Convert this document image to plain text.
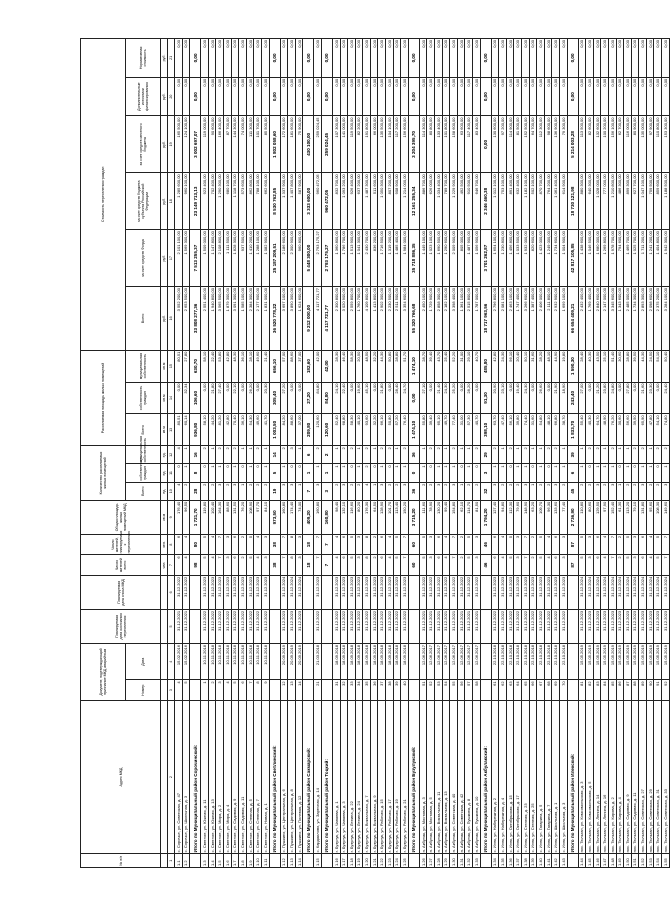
№ п/п	Адрес МКД	Документ, подтверждающий признание МКД аварийным		Планируемая дата окончания переселения	Планируемая дата сноса МКД	Число жителей всего	Число жителей, планируемых к переселению	Общая площадь жилых помещений МКД	Количество расселяемых жилых помещений			Расселяемая площадь жилых помещений			Стоимость переселения граждан					
		Номер	Дата						Всего	собственность граждан	муниципальная собственность	Всего	собственность граждан	муниципальная собственность	Всего	за счет средств Фонда	за счет средств бюджета субъекта Российской Федерации	за счет средств местного бюджета	Дополнительные источники финансирования	Нормативная стоимость
						чел.	чел.	кв.м	ед.	ед.	ед.	кв.м	кв.м	кв.м	руб.	руб.	руб.	руб.	руб.	руб.
1	2	3	4	5	6	7	8	9	10	11	12	13	14	15	16	17	18	19	20	21
1.1	с. Сорочье, ул. Советская, д. 47	4	15.02.2016	31.12.2021	31.12.2022	6	6	176,40	4	0	4	80,51	0,00	80,51	3 552 200,00	2 101 100,00	1 285 600,00	165 500,00	0,00	0,00
1.2	с. Сорочье, ул. Школьная, д. 3	5	15.02.2016	31.12.2021	31.12.2022	4	4	96,50	2	1	1	60,14	32,34	27,80	2 653 500,00	1 569 300,00	960 100,00	124 100,00	0,00	0,00
	Итого по Муниципальный район Сорочинский:					98	80	1 721,70	28	8	16	936,80	106,60	630,70	33 808 277,36	7 513 255,37	23 149 713,13	3 002 697,07	0,00	0,00
1.3	с. Светлое, ул. Южная, д. 11	1	10.11.2018	31.12.2022	31.12.2023	5	5	119,80	2	0	2	58,10	0,00	58,10	2 551 400,00	1 509 000,00	923 400,00	119 000,00	0,00	0,00
1.4	с. Светлое, ул. Южная, д. 13	2	10.11.2018	31.12.2022	31.12.2023	4	4	102,40	2	1	1	44,20	21,80	22,40	1 940 800,00	1 147 800,00	702 400,00	90 600,00	0,00	0,00
1.5	с. Светлое, ул. Мира, д. 2	3	10.11.2018	31.12.2022	31.12.2023	7	7	164,30	3	1	2	81,20	27,40	53,80	3 565 500,00	2 108 800,00	1 290 300,00	166 400,00	0,00	0,00
1.6	с. Светлое, ул. Мира, д. 4	4	10.11.2018	31.12.2022	31.12.2023	3	3	88,60	2	0	2	42,80	0,00	42,80	1 879 300,00	1 111 500,00	680 100,00	87 700,00	0,00	0,00
1.7	с. Светлое, ул. Садовая, д. 9	5	10.11.2018	31.12.2022	31.12.2023	6	6	131,50	3	1	2	70,40	22,10	48,30	3 091 300,00	1 828 300,00	1 118 700,00	144 300,00	0,00	0,00
1.8	с. Светлое, ул. Садовая, д. 11	6	10.11.2018	31.12.2022	31.12.2023	2	2	76,20	1	0	1	36,10	0,00	36,10	1 585 100,00	937 500,00	573 600,00	74 000,00	0,00	0,00
1.9	с. Светлое, ул. Степная, д. 5	7	10.11.2018	31.12.2022	31.12.2023	5	5	108,90	2	1	1	54,30	26,20	28,10	2 384 300,00	1 410 200,00	862 800,00	111 300,00	0,00	0,00
1.10	с. Светлое, ул. Степная, д. 7	8	10.11.2018	31.12.2022	31.12.2023	4	4	97,70	2	0	2	49,60	0,00	49,60	2 177 900,00	1 288 100,00	788 100,00	101 700,00	0,00	0,00
1.11	с. Светлое, ул. Новая, д. 1	9	10.11.2018	31.12.2022	31.12.2023	3	3	84,10	2	1	1	41,70	20,30	21,40	1 831 000,00	1 082 900,00	662 600,00	85 500,00	0,00	0,00
	Итого по Муниципальный район Светлинский:					38	38	973,50	19	5	14	1 003,50	305,40	656,10	36 520 778,22	25 187 209,51	8 530 762,85	1 802 058,60	0,00	0,00
1.12	с. Пушкино, ул. Центральная, д. 6	12	20.09.2019	31.12.2023	31.12.2024	7	7	160,80	3	1	2	84,20	27,20	57,00	3 697 100,00	2 186 600,00	1 337 900,00	172 600,00	0,00	0,00
1.13	с. Пушкино, ул. Центральная, д. 8	13	20.09.2019	31.12.2023	31.12.2024	8	8	174,40	3	0	3	88,60	0,00	88,60	3 890 300,00	2 300 900,00	1 407 800,00	181 600,00	0,00	0,00
1.14	с. Пушкино, ул. Полевая, д. 12	14	20.09.2019	31.12.2023	31.12.2024	3	3	74,00	1	0	1	37,00	0,00	37,00	1 624 600,00	960 800,00	587 900,00	75 900,00	0,00	0,00
	Итого по Муниципальный район Сакмарский:					18	18	409,20	7	1	6	209,80	27,20	182,60	9 212 000,00	5 448 300,00	3 333 600,00	430 100,00	0,00	0,00
1.15	с. Кардаилово, ул. Заречная, д. 14	21	21.03.2018	31.12.2022	31.12.2023	7	7	160,80	3	1	2	120,60	84,80	42,00	4 117 721,77	2 793 175,27	960 472,05	259 024,45	0,00	0,00
	Итого по Муниципальный район Тоцкий:					7	7	160,80	3	1	2	120,60	84,80	42,00	4 117 721,77	2 793 175,27	960 472,05	259 024,45	0,00	0,00
1.16	г. Бузулук, ул. Чапаева, д. 1	31	18.09.2018	31.12.2022	31.12.2023	4	4	98,40	2	1	1	52,40	24,10	28,30	2 300 800,00	1 360 800,00	832 700,00	107 300,00	0,00	0,00
1.17	г. Бузулук, ул. Чапаева, д. 3	32	18.09.2018	31.12.2022	31.12.2023	6	6	132,10	3	1	2	68,80	22,40	46,40	3 020 900,00	1 786 700,00	1 093 200,00	141 000,00	0,00	0,00
1.18	г. Бузулук, ул. Ленина, д. 22	33	18.09.2018	31.12.2022	31.12.2023	5	5	116,60	2	0	2	58,30	0,00	58,30	2 559 800,00	1 513 900,00	926 400,00	119 500,00	0,00	0,00
1.19	г. Бузулук, ул. Ленина, д. 24	34	18.09.2018	31.12.2022	31.12.2023	3	3	80,20	2	1	1	40,10	19,60	20,50	1 760 700,00	1 041 300,00	637 200,00	82 200,00	0,00	0,00
1.20	г. Бузулук, ул. Вокзальная, д. 7	35	18.09.2018	31.12.2022	31.12.2023	8	8	176,30	4	2	2	93,60	45,10	48,50	4 109 800,00	2 430 700,00	1 487 300,00	191 800,00	0,00	0,00
1.21	г. Бузулук, ул. Вокзальная, д. 9	36	18.09.2018	31.12.2022	31.12.2023	2	2	64,50	1	0	1	32,20	0,00	32,20	1 413 800,00	836 200,00	511 600,00	66 000,00	0,00	0,00
1.22	г. Бузулук, ул. Рабочая, д. 15	37	18.09.2018	31.12.2022	31.12.2023	6	6	128,90	3	1	2	66,10	21,80	44,30	2 902 300,00	1 716 500,00	1 050 300,00	135 500,00	0,00	0,00
1.23	г. Бузулук, ул. Рабочая, д. 17	38	18.09.2018	31.12.2022	31.12.2023	4	4	101,70	2	0	2	50,80	0,00	50,80	2 230 500,00	1 319 200,00	807 200,00	104 100,00	0,00	0,00
1.24	г. Бузулук, ул. Рабочая, д. 19	39	18.09.2018	31.12.2022	31.12.2023	5	5	113,40	2	1	1	57,20	28,40	28,80	2 511 500,00	1 485 400,00	908 900,00	117 200,00	0,00	0,00
1.25	г. Бузулук, ул. Рабочая, д. 21	40	18.09.2018	31.12.2022	31.12.2023	7	7	150,20	3	1	2	76,40	24,70	51,70	3 354 600,00	1 984 000,00	1 214 000,00	156 600,00	0,00	0,00
	Итого по Муниципальный район Бузулукский:					60	60	3 715,20	36	0	36	1 474,10	0,00	1 474,10	55 320 766,68	35 718 886,35	12 161 255,34	3 204 395,70	0,00	0,00
1.26	п. Акбулак, ул. Мостовая, д. 3	51	12.06.2017	31.12.2021	31.12.2022	5	5	111,60	2	1	1	55,80	27,10	28,70	2 450 100,00	1 449 100,00	886 700,00	114 300,00	0,00	0,00
1.27	п. Акбулак, ул. Мостовая, д. 5	52	12.06.2017	31.12.2021	31.12.2022	3	3	78,90	2	0	2	39,40	0,00	39,40	1 729 900,00	1 023 100,00	626 000,00	80 800,00	0,00	0,00
1.28	п. Акбулак, ул. Вокзальная, д. 11	53	12.06.2017	31.12.2021	31.12.2022	6	6	130,20	3	1	2	65,10	21,40	43,70	2 858 300,00	1 690 500,00	1 034 400,00	133 400,00	0,00	0,00
1.29	п. Акбулак, ул. Вокзальная, д. 13	54	12.06.2017	31.12.2021	31.12.2022	4	4	99,40	2	1	1	49,70	24,30	25,40	2 182 100,00	1 290 600,00	789 700,00	101 800,00	0,00	0,00
1.30	п. Акбулак, ул. Советская, д. 40	55	12.06.2017	31.12.2021	31.12.2022	7	7	154,80	3	1	2	77,40	25,20	52,20	3 398 400,00	2 009 900,00	1 229 900,00	158 600,00	0,00	0,00
1.31	п. Акбулак, ул. Советская, д. 42	56	12.06.2017	31.12.2021	31.12.2022	2	2	62,10	1	0	1	31,00	0,00	31,00	1 361 100,00	805 000,00	492 500,00	63 600,00	0,00	0,00
1.32	п. Акбулак, ул. Пушкина, д. 8	57	12.06.2017	31.12.2021	31.12.2022	5	5	114,70	2	1	1	57,30	28,20	29,10	2 515 800,00	1 487 900,00	910 500,00	117 400,00	0,00	0,00
1.33	п. Акбулак, ул. Пушкина, д. 10	58	12.06.2017	31.12.2021	31.12.2022	3	3	81,50	2	0	2	40,70	0,00	40,70	1 787 000,00	1 056 900,00	646 700,00	83 400,00	0,00	0,00
	Итого по Муниципальный район Акбулакский:					46	46	1 794,20	32	3	29	398,10	91,30	485,80	18 717 963,56	3 701 262,87	2 346 460,38	0,00	0,00	0,00
1.34	с. Илек, ул. Набережная, д. 2	61	22.10.2018	31.12.2022	31.12.2023	6	6	127,40	3	1	2	63,70	20,90	42,80	2 796 800,00	1 654 100,00	1 012 100,00	130 600,00	0,00	0,00
1.35	с. Илек, ул. Набережная, д. 4	62	22.10.2018	31.12.2022	31.12.2023	4	4	94,80	2	1	1	47,40	23,10	24,30	2 081 100,00	1 230 800,00	753 100,00	97 200,00	0,00	0,00
1.36	с. Илек, ул. Октябрьская, д. 15	63	22.10.2018	31.12.2022	31.12.2023	5	5	112,30	2	0	2	56,10	0,00	56,10	2 463 100,00	1 456 800,00	891 400,00	114 900,00	0,00	0,00
1.37	с. Илек, ул. Октябрьская, д. 17	64	22.10.2018	31.12.2022	31.12.2023	3	3	79,60	2	1	1	39,80	19,40	20,40	1 747 400,00	1 033 500,00	632 400,00	81 500,00	0,00	0,00
1.38	с. Илек, ул. Степная, д. 23	65	22.10.2018	31.12.2022	31.12.2023	7	7	148,90	3	1	2	74,40	24,30	50,10	3 266 600,00	1 932 000,00	1 182 100,00	152 500,00	0,00	0,00
1.39	с. Илек, ул. Степная, д. 25	66	22.10.2018	31.12.2022	31.12.2023	2	2	63,20	1	0	1	31,60	0,00	31,60	1 387 400,00	820 600,00	502 100,00	64 700,00	0,00	0,00
1.40	с. Илек, ул. Гагарина, д. 5	67	22.10.2018	31.12.2022	31.12.2023	5	5	109,70	2	1	1	54,80	26,60	28,20	2 406 000,00	1 423 000,00	870 700,00	112 300,00	0,00	0,00
1.41	с. Илек, ул. Гагарина, д. 7	68	22.10.2018	31.12.2022	31.12.2023	4	4	96,30	2	0	2	48,10	0,00	48,10	2 111 800,00	1 249 000,00	764 200,00	98 600,00	0,00	0,00
1.42	с. Илек, ул. Школьная, д. 1	69	22.10.2018	31.12.2022	31.12.2023	6	6	133,60	3	1	2	66,80	21,90	44,90	2 932 900,00	1 734 600,00	1 061 400,00	136 900,00	0,00	0,00
1.43	с. Илек, ул. Школьная, д. 3	70	22.10.2018	31.12.2022	31.12.2023	3	3	77,40	2	1	1	38,70	18,90	19,80	1 699 100,00	1 004 900,00	614 900,00	79 300,00	0,00	0,00
	Итого по Муниципальный район Илекский:					87	87	2 736,90	45	6	39	1 833,70	243,40	1 590,30	66 654 409,21	42 817 105,85	18 730 121,98	5 214 003,28	0,00	0,00
1.44	пос. Тюльган, ул. Комсомольская, д. 3	81	15.05.2019	31.12.2023	31.12.2024	5	5	110,80	2	1	1	55,40	27,00	28,40	2 432 400,00	1 438 600,00	880 300,00	113 500,00	0,00	0,00
1.45	пос. Тюльган, ул. Комсомольская, д. 5	82	15.05.2019	31.12.2023	31.12.2024	3	3	80,60	2	0	2	40,30	0,00	40,30	1 769 400,00	1 046 500,00	640 300,00	82 600,00	0,00	0,00
1.46	пос. Тюльган, ул. Ленина, д. 14	83	15.05.2019	31.12.2023	31.12.2024	6	6	129,50	3	1	2	64,70	21,20	43,50	2 840 600,00	1 680 000,00	1 028 000,00	132 600,00	0,00	0,00
1.47	пос. Тюльган, ул. Ленина, д. 16	84	15.05.2019	31.12.2023	31.12.2024	4	4	97,90	2	1	1	48,90	23,80	25,10	2 147 000,00	1 269 800,00	777 000,00	100 200,00	0,00	0,00
1.48	пос. Тюльган, ул. Кирова, д. 2	85	15.05.2019	31.12.2023	31.12.2024	7	7	152,40	3	1	2	76,20	24,80	51,40	3 345 600,00	1 978 700,00	1 210 800,00	156 100,00	0,00	0,00
1.49	пос. Тюльган, ул. Кирова, д. 4	86	15.05.2019	31.12.2023	31.12.2024	2	2	61,30	1	0	1	30,60	0,00	30,60	1 343 600,00	794 600,00	486 300,00	62 700,00	0,00	0,00
1.50	пос. Тюльган, ул. Садовая, д. 9	87	15.05.2019	31.12.2023	31.12.2024	5	5	113,20	2	1	1	56,60	27,80	28,80	2 485 000,00	1 469 700,00	899 300,00	116 000,00	0,00	0,00
1.51	пос. Тюльган, ул. Садовая, д. 11	88	15.05.2019	31.12.2023	31.12.2024	3	3	79,10	2	0	2	39,50	0,00	39,50	1 734 300,00	1 025 700,00	627 700,00	80 900,00	0,00	0,00
1.52	пос. Тюльган, ул. Советская, д. 27	89	15.05.2019	31.12.2023	31.12.2024	6	6	131,80	3	1	2	65,90	21,60	44,30	2 893 300,00	1 711 200,00	1 047 100,00	135 000,00	0,00	0,00
1.53	пос. Тюльган, ул. Советская, д. 29	90	15.05.2019	31.12.2023	31.12.2024	4	4	95,60	2	1	1	47,80	23,30	24,50	2 098 600,00	1 241 200,00	759 500,00	97 900,00	0,00	0,00
1.54	пос. Тюльган, ул. Советская, д. 31	91	15.05.2019	31.12.2023	31.12.2024	5	5	108,30	2	0	2	54,10	0,00	54,10	2 375 200,00	1 404 800,00	859 600,00	110 800,00	0,00	0,00
1.55	пос. Тюльган, ул. Советская, д. 33	92	15.05.2019	31.12.2023	31.12.2024	7	7	149,60	3	1	2	74,80	24,40	50,40	3 284 100,00	1 942 300,00	1 188 500,00	153 300,00	0,00	0,00
